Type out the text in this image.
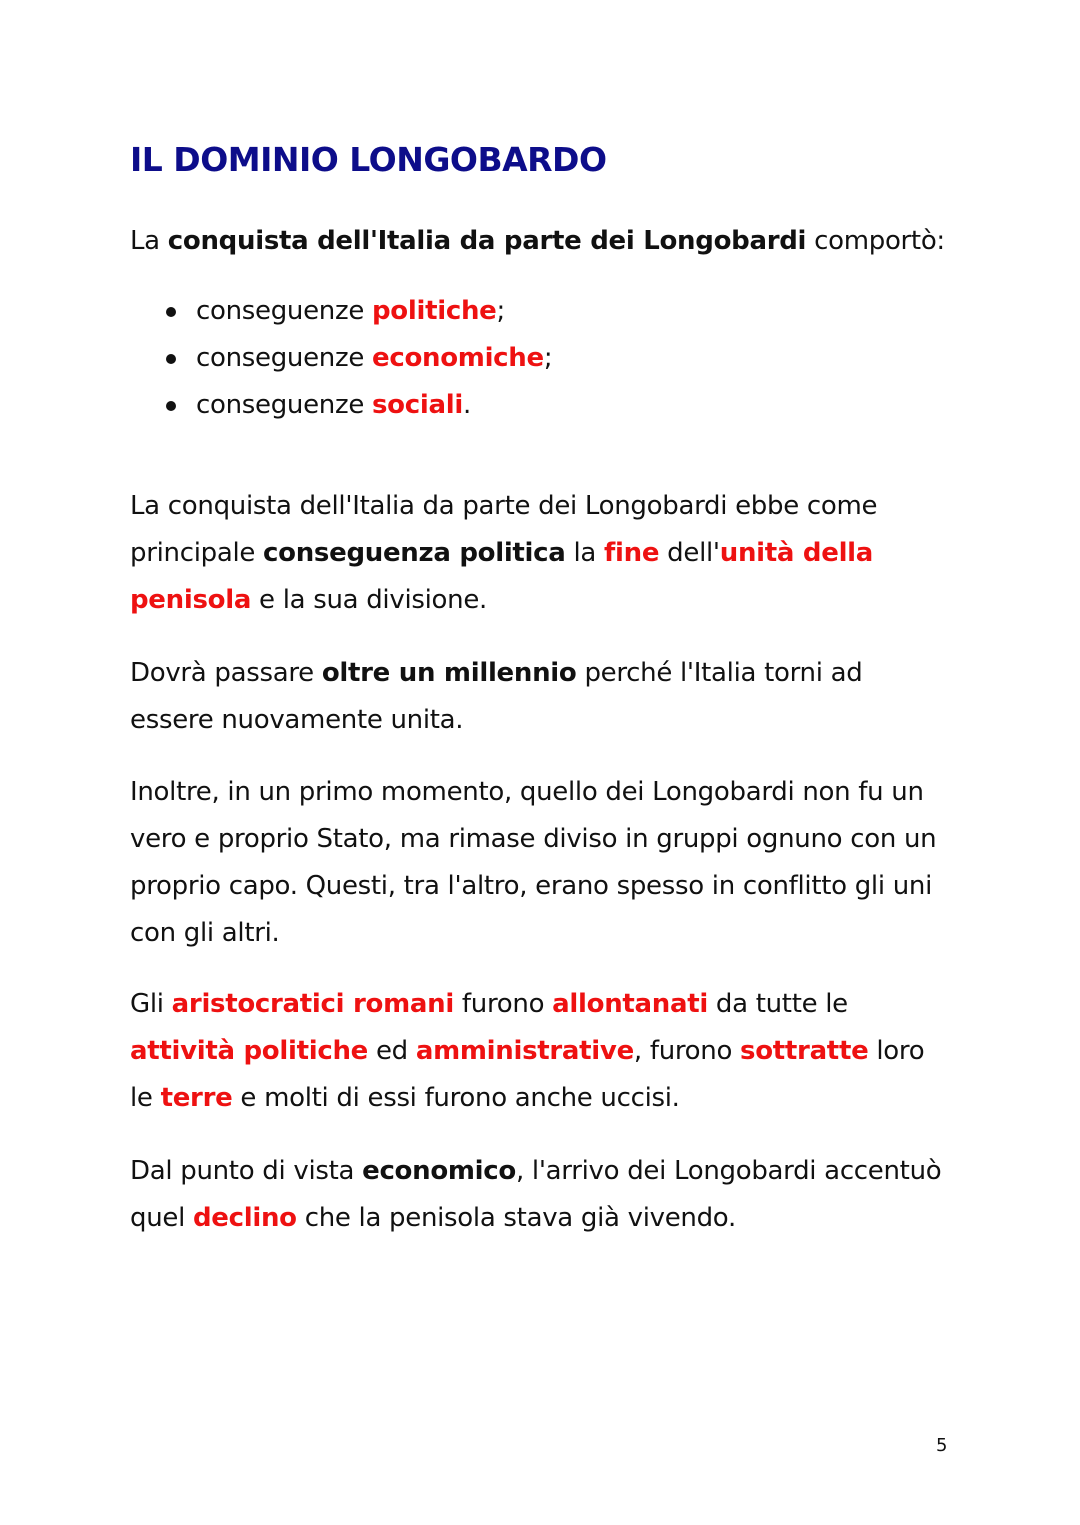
IL DOMINIO LONGOBARDO

La conquista dell'Italia da parte dei Longobardi comportò:

conseguenze politiche;
conseguenze economiche;
conseguenze sociali.

La conquista dell'Italia da parte dei Longobardi ebbe come principale conseguenza politica la fine dell'unità della penisola e la sua divisione.

Dovrà passare oltre un millennio perché l'Italia torni ad essere nuovamente unita.

Inoltre, in un primo momento, quello dei Longobardi non fu un vero e proprio Stato, ma rimase diviso in gruppi ognuno con un proprio capo. Questi, tra l'altro, erano spesso in conflitto gli uni con gli altri.

Gli aristocratici romani furono allontanati da tutte le attività politiche ed amministrative, furono sottratte loro le terre e molti di essi furono anche uccisi.

Dal punto di vista economico, l'arrivo dei Longobardi accentuò quel declino che la penisola stava già vivendo.

5
